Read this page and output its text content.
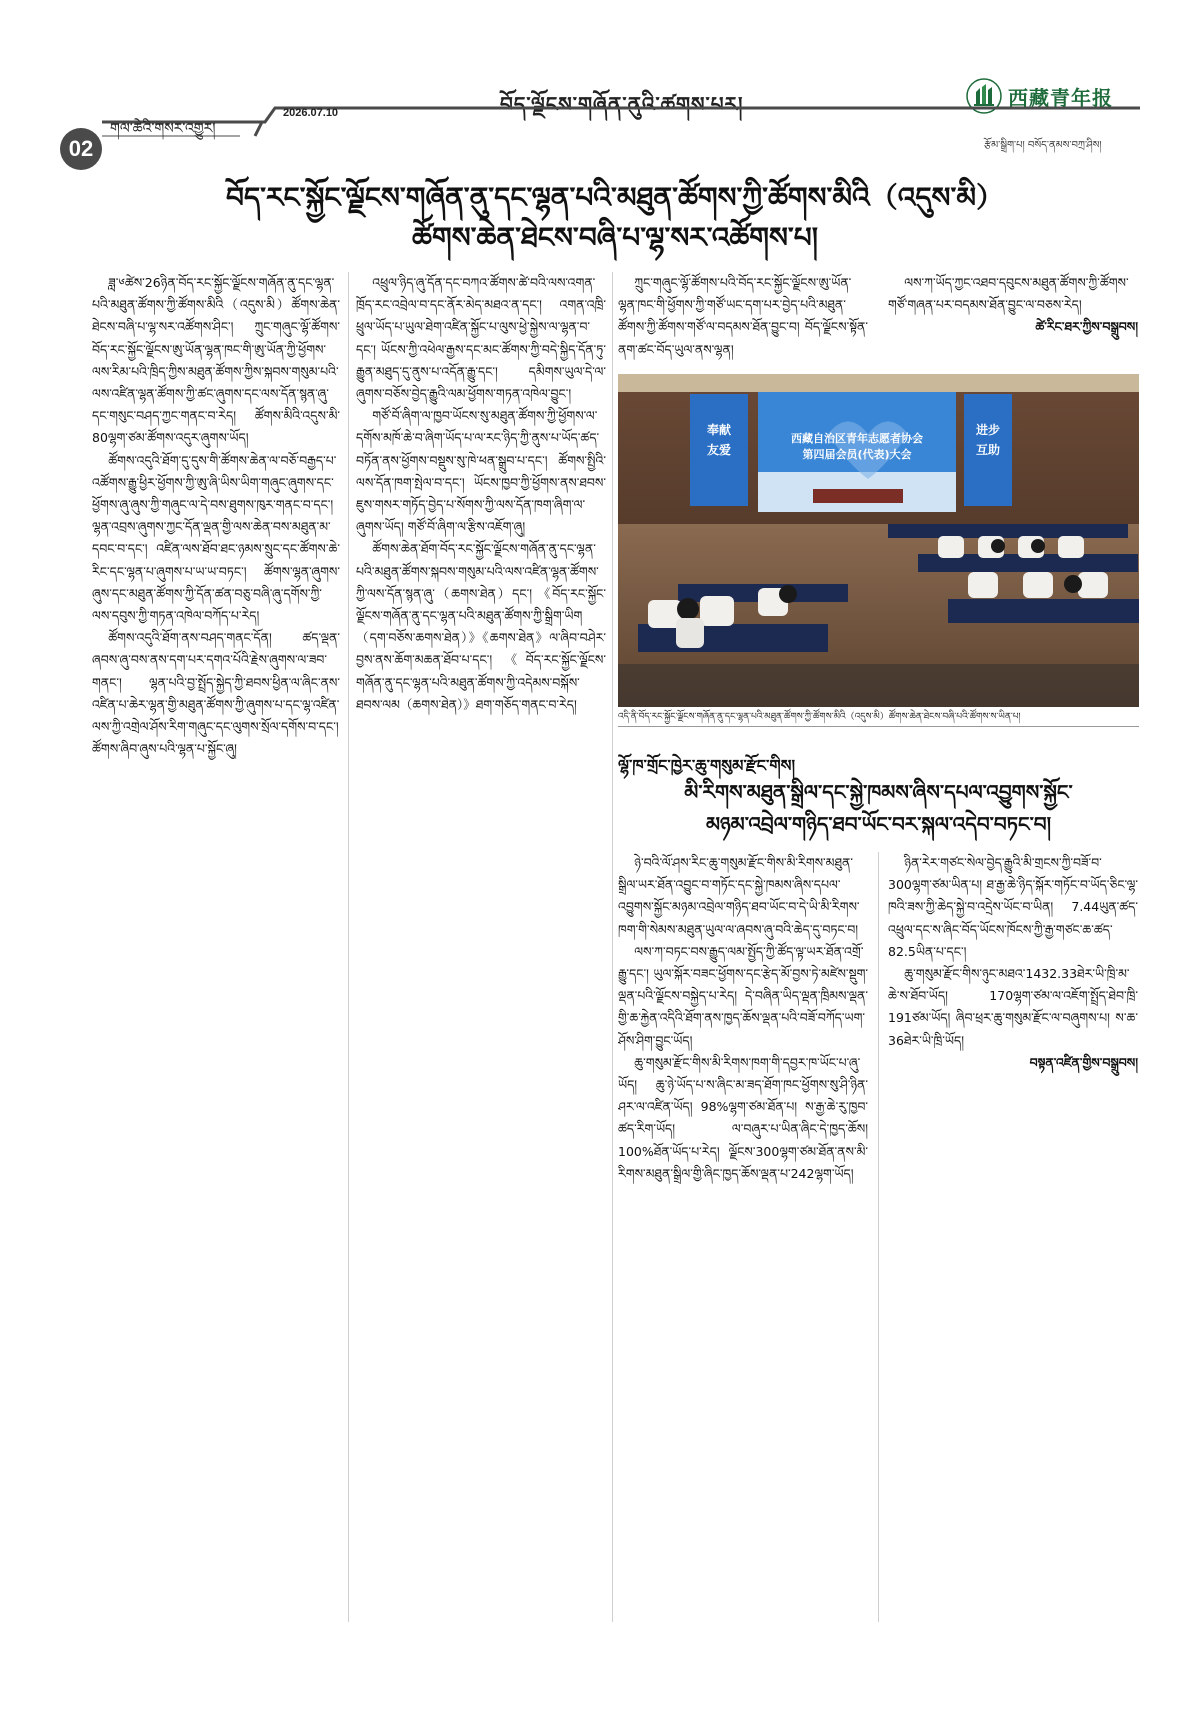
བོད་ལྗོངས་གཞོན་ནུའི་ཚགས་པར།	西藏青年报
02
གལ་ཆེའི་གསར་འགྱུར།
2026.07.10
རྩོམ་སྒྲིག་པ། བསོད་ནམས་བཀྲ་ཤིས།
བོད་རང་སྐྱོང་ལྗོངས་གཞོན་ནུ་དང་ལྷན་པའི་མཐུན་ཚོགས་ཀྱི་ཚོགས་མིའི（འདུས་མི）
ཚོགས་ཆེན་ཐེངས་བཞི་པ་ལྷ་སར་འཚོགས་པ།

ཟླ་༦ཚེས་26ཉིན་བོད་རང་སྐྱོང་ལྗོངས་གཞོན་ནུ་དང་ལྷན་པའི་མཐུན་ཚོགས་ཀྱི་ཚོགས་མིའི（འདུས་མི）ཚོགས་ཆེན་ཐེངས་བཞི་པ་ལྷ་སར་འཚོགས་ཤིང་། ཀྲུང་གཞུང་ལྷོ་ཚོགས་བོད་རང་སྐྱོང་ལྗོངས་ཨུ་ཡོན་ལྷན་ཁང་གི་ཨུ་ཡོན་ཀྱི་ཕྱོགས་ལས་རིམ་པའི་ཁྲིད་ཀྱིས་མཐུན་ཚོགས་ཀྱིས་སྐབས་གསུམ་པའི་ལས་འཛིན་ལྷན་ཚོགས་ཀྱི་ཚང་ཞུགས་དང་ལས་དོན་སྙན་ཞུ་དང་གསུང་བཤད་ཀྱང་གནང་བ་རེད། ཚོགས་མིའི་འདུས་མི་80ལྷག་ཙམ་ཚོགས་འདུར་ཞུགས་ཡོད།

ཚོགས་འདུའི་ཐོག་དུ་དུས་གི་ཚོགས་ཆེན་ལ་བཅོ་བརྒྱད་པ་འཚོགས་རྒྱུ་ཕྱིར་ཕྱོགས་ཀྱི་ཨུ་ཞི་ཡིས་ཡིག་གཞུང་ཞུགས་དང་ཕྱོགས་ཞུ་ཞུས་ཀྱི་གཞུང་ལ་དེ་བས་ཐུགས་ཁུར་གནང་བ་དང་། ལྷན་འབྲས་ཞུགས་ཀྱང་དོན་ལྡན་གྱི་ལས་ཆེན་བས་མཐུན་མ་དབང་བ་དང་། འཛིན་ལས་ཐོབ་ཐང་ཉམས་སྲུང་དང་ཚོགས་ཆེ་རིང་དང་ལྷན་པ་ཞུགས་པ་ཡ་ཡ་བཏང་། ཚོགས་ལྷན་ཞུགས་ཞུས་དང་མཐུན་ཚོགས་ཀྱི་དོན་ཚན་བཅུ་བཞི་ཞུ་དགོས་ཀྱི་ལས་དབུས་ཀྱི་གཏན་འཁེལ་བཀོད་པ་རེད།

ཚོགས་འདུའི་ཐོག་ནས་བཤད་གནང་དོན། ཚད་ལྡན་ཞབས་ཞུ་བས་ནས་དག་པར་དགའ་པོའི་རྗེས་ཞུགས་ལ་ཟབ་གནང་། ལྷན་པའི་བྱ་སྤྲོད་སྐྱེད་ཀྱི་ཐབས་ཕྱིན་ལ་ཞིང་ནས་འཛིན་པ་ཆེར་ལྷན་གྱི་མཐུན་ཚོགས་ཀྱི་ཞུགས་པ་དང་ལྷ་འཛིན་ལས་ཀྱི་འགྲེལ་ཤོས་རིག་གཞུང་དང་ལུགས་སྲོལ་དགོས་བ་དང་། ཚོགས་ཞིབ་ཞུས་པའི་ལྷན་པ་སྐྱོང་ཞུ།

འཕྲུལ་ཉིད་ཞུ་དོན་དང་བཀའ་ཚོགས་ཚེ་བའི་ལས་འགན་ཁྲོད་རང་འབྲེལ་བ་དང་ནོར་མེད་མཐའ་ན་དང་། འགན་འཁྲི་ཕྲུལ་ཡོད་པ་ཡུལ་ཐེག་འཛིན་སྐྱོང་པ་ལུས་ཕྱེ་སྐྱེས་ལ་ལྷན་བ་དང་། ཡོངས་ཀྱི་འཕེལ་རྒྱས་དང་མང་ཚོགས་ཀྱི་བདེ་སྐྱིད་དོན་ཏུ་རྒྱུན་མཐུད་དུ་ནུས་པ་འདོན་རྒྱུ་དང་། དམིགས་ཡུལ་དེ་ལ་ཞུགས་བཅོས་བྱེད་རྒྱུའི་ལམ་ཕྱོགས་གཏན་འཁེལ་བྱུང་།

གཙོ་བོ་ཞིག་ལ་ཁྱབ་ཡོངས་སུ་མཐུན་ཚོགས་ཀྱི་ཕྱོགས་ལ་དགོས་མཁོ་ཆེ་བ་ཞིག་ཡོད་པ་ལ་རང་ཉིད་ཀྱི་ནུས་པ་ཡོད་ཚད་བཏོན་ནས་ཕྱོགས་བསྡུས་སུ་ཁེ་ཕན་སྒྲུབ་པ་དང་། ཚོགས་སྤྱིའི་ལས་དོན་ཁག་སྤེལ་བ་དང་། ཡོངས་ཁྱབ་ཀྱི་ཕྱོགས་ནས་ཐབས་ཇུས་གསར་གཏོད་བྱེད་པ་སོགས་ཀྱི་ལས་དོན་ཁག་ཞིག་ལ་ཞུགས་ཡོད། གཙོ་བོ་ཞིག་ལ་རྩིས་འཇོག་ཞུ།

ཚོགས་ཆེན་ཐོག་བོད་རང་སྐྱོང་ལྗོངས་གཞོན་ནུ་དང་ལྷན་པའི་མཐུན་ཚོགས་སྐབས་གསུམ་པའི་ལས་འཛིན་ལྷན་ཚོགས་ཀྱི་ལས་དོན་སྙན་ཞུ་（ཆགས་ཐེན）དང་། 《བོད་རང་སྐྱོང་ལྗོངས་གཞོན་ནུ་དང་ལྷན་པའི་མཐུན་ཚོགས་ཀྱི་སྒྲིག་ཡིག（དག་བཅོས་ཆགས་ཐེན）》《ཆགས་ཐེན》ལ་ཞིབ་བཤེར་བྱས་ནས་ཆོག་མཆན་ཐོབ་པ་དང་། 《བོད་རང་སྐྱོང་ལྗོངས་གཞོན་ནུ་དང་ལྷན་པའི་མཐུན་ཚོགས་ཀྱི་འདེམས་བསྐོས་ཐབས་ལམ（ཆགས་ཐེན）》ཐག་གཅོད་གནང་བ་རེད།

ཀྲུང་གཞུང་ལྷོ་ཚོགས་པའི་བོད་རང་སྐྱོང་ལྗོངས་ཨུ་ཡོན་ལྷན་ཁང་གི་ཕྱོགས་ཀྱི་གཙོ་ཡང་དག་པར་བྱེད་པའི་མཐུན་ཚོགས་ཀྱི་ཚོགས་གཙོ་ལ་བདམས་ཐོན་བྱུང་བ། བོད་ལྗོངས་སྟོན་ནག་ཚང་བོད་ཡུལ་ནས་ལྷན།

ལས་ཀ་ཡོད་ཀྱང་འཐབ་དབུངས་མཐུན་ཚོགས་ཀྱི་ཚོགས་གཙོ་གཞན་པར་བདམས་ཐོན་བྱུང་ལ་བཅས་རེད།

ཚེ་རིང་ཐར་ཀྱིས་བསྒྲུབས།

西藏自治区青年志愿者协会
第四届会员(代表)大会
奉献
友爱
进步
互助
འདི་ནི་བོད་རང་སྐྱོང་ལྗོངས་གཞོན་ནུ་དང་ལྷན་པའི་མཐུན་ཚོགས་ཀྱི་ཚོགས་མིའི（འདུས་མི）ཚོགས་ཆེན་ཐེངས་བཞི་པའི་ཚོགས་ས་ཡིན་པ།
ལྷོ་ཁ་གྲོང་ཁྱེར་ཆུ་གསུམ་རྫོང་གིས།
མི་རིགས་མཐུན་སྒྲིལ་དང་སྐྱེ་ཁམས་ཞིས་དཔལ་འབྱུགས་སྐྱོང་
མཉམ་འབྲེལ་གཉིད་ཐབ་ཡོང་བར་སྐལ་འདེབ་བཏང་བ།

ཉེ་བའི་ལོ་ཤས་རིང་ཆུ་གསུམ་རྫོང་གིས་མི་རིགས་མཐུན་སྒྲིལ་ཡར་ཐོན་འབྱུང་བ་གཏོང་དང་སྐྱེ་ཁམས་ཞིས་དཔལ་འབྱུགས་སྐྱོང་མཉམ་འབྲེལ་གཉིད་ཐབ་ཡོང་བ་དེ་ཡི་མི་རིགས་ཁག་གི་སེམས་མཐུན་ཡུལ་ལ་ཞབས་ཞུ་བའི་ཆེད་དུ་བཏང་བ།

ལས་ཀ་བཏང་བས་རྒྱུད་ལམ་སྤྱོད་ཀྱི་ཚོད་ལྟ་ཡར་ཐོན་འགྲོ་རྒྱུ་དང་། ཡུལ་སྐོར་བཟང་ཕྱོགས་དང་རྩེད་མོ་བྱས་ཏེ་མཛེས་སྡུག་ལྡན་པའི་ལྗོངས་བསྐྱེད་པ་རེད། དེ་བཞིན་ཡིད་ལྡན་ཁྲིམས་ལྡན་གྱི་ཆ་རྐྱེན་འདིའི་ཐོག་ནས་ཁྱད་ཆོས་ལྡན་པའི་བཟོ་བཀོད་ཡག་ཤོས་ཤིག་བྱུང་ཡོད།

ཆུ་གསུམ་རྫོང་གིས་མི་རིགས་ཁག་གི་དབྱར་ཁ་ཡོང་པ་ཞུ་ཡོད། ཆུ་ཉེ་ཡོད་པ་ས་ཞིང་མ་ཟད་ཐོག་ཁང་ཕྱོགས་སུ་ཤི་ཉིན་ཤར་ལ་འཛིན་ཡོད། 98%ལྷག་ཙམ་ཐོན་པ། ས་རྒྱ་ཆེ་རུ་ཁྱབ་ཚད་རིག་ཡོད། ལ་བཞུར་པ་ཡིན་ཞིང་དེ་ཁྱད་ཆོས། 100%ཐོན་ཡོད་པ་རེད། ལྗོངས་300ལྷག་ཙམ་ཐོན་ནས་མི་རིགས་མཐུན་སྒྲིལ་གྱི་ཞིང་ཁྱད་ཆོས་ལྡན་པ་242ལྷག་ཡོད།

ཉིན་རེར་གཙང་སེལ་བྱེད་རྒྱུའི་མི་གྲངས་ཀྱི་བཟོ་བ་300ལྷག་ཙམ་ཡིན་པ། ཐ་རྒྱ་ཆེ་ཉིད་སྐོར་གཏོང་བ་ཡོད་ཅིང་ལྷ་ཁའི་ཟས་ཀྱི་ཆེད་སྐྱེ་བ་འདྲེས་ཡོང་བ་ཡིན། 7.44ཡུན་ཚད་འཕྲུལ་དང་ས་ཞིང་བོད་ཡོངས་ཁོངས་ཀྱི་རྒྱ་གཙང་ཆ་ཚད་82.5ཡིན་པ་དང་།

ཆུ་གསུམ་རྫོང་གིས་ཉུང་མཐའ་1432.33ཐེར་ཡི་ཁྲི་མ་ཆེ་ས་ཐོབ་ཡོད། 170ལྷག་ཙམ་ལ་འཇོག་སྤྲོད་ཐེབ་ཁྲི་191ཙམ་ཡོད། ཞིབ་ཕྲར་ཆུ་གསུམ་རྫོང་ལ་བཞུགས་པ། ས་ཆ་36ཐེར་ཡི་ཁྲི་ཡོད།

བསྟན་འཛིན་གྱིས་བསྒྲུབས།
